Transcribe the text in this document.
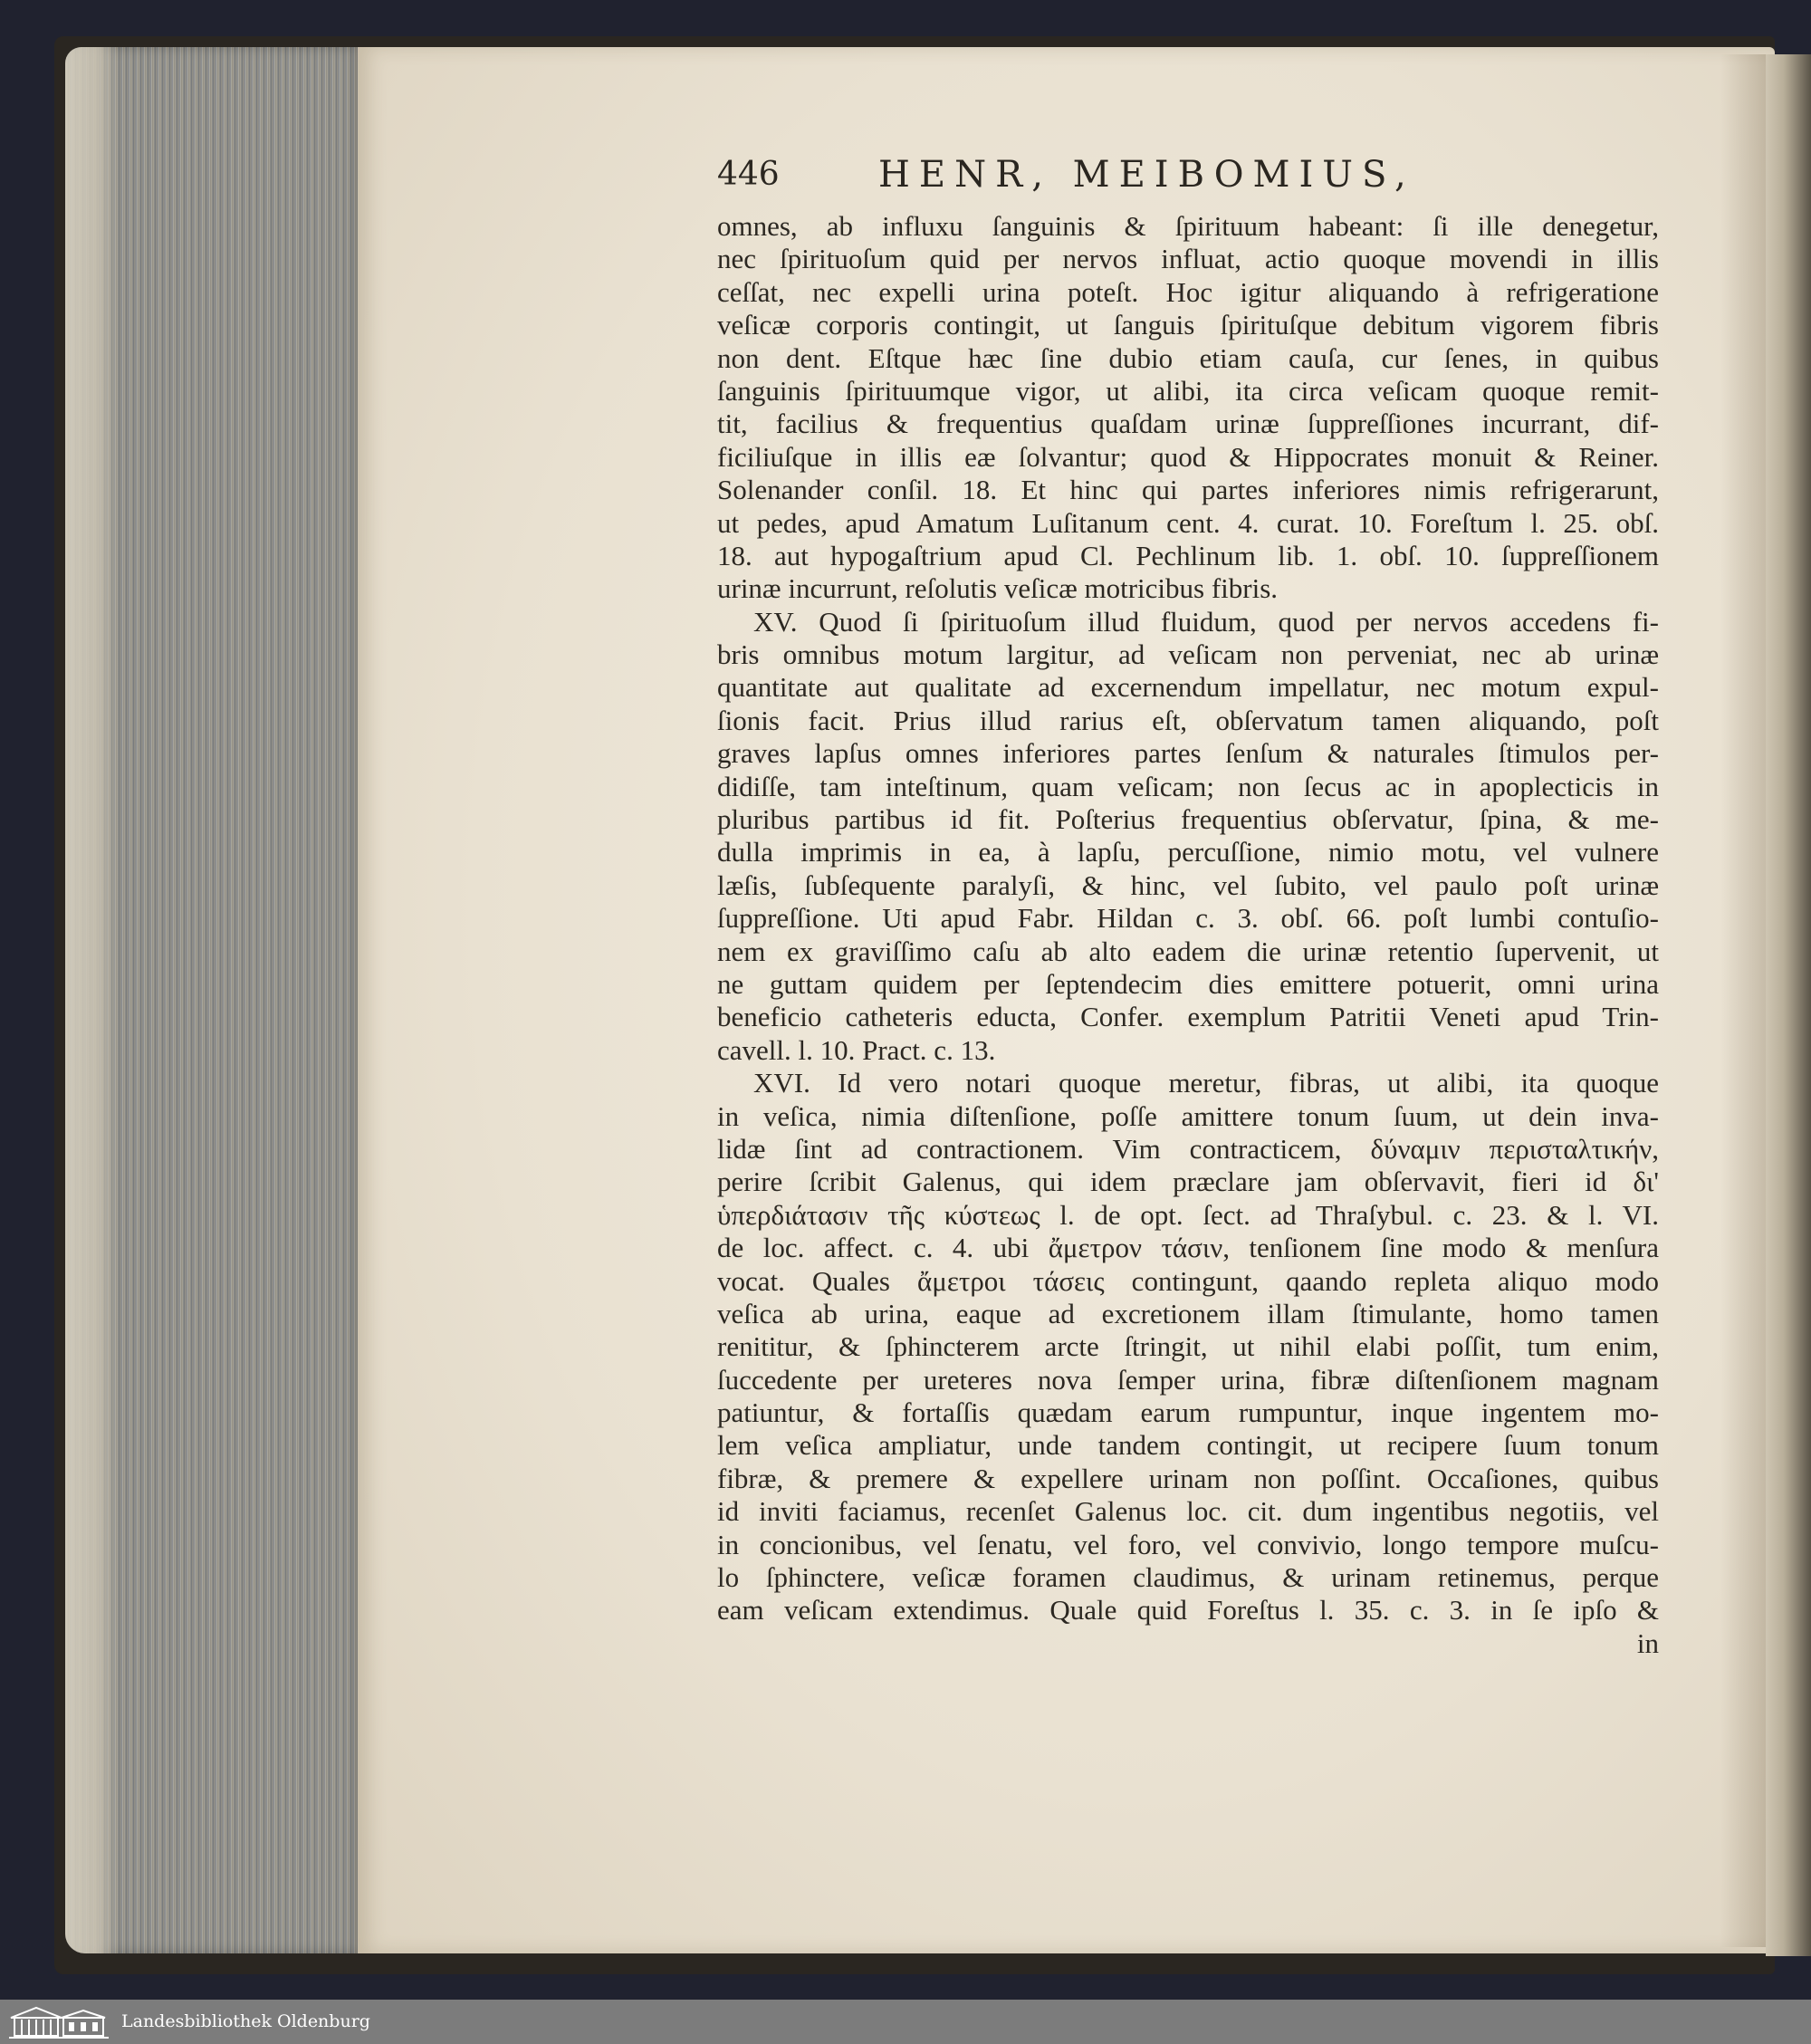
446	HENR, MEIBOMIUS,
omnes, ab influxu ſanguinis & ſpirituum habeant: ſi ille denegetur,
nec ſpirituoſum quid per nervos influat, actio quoque movendi in illis
ceſſat, nec expelli urina poteſt. Hoc igitur aliquando à refrigeratione
veſicæ corporis contingit, ut ſanguis ſpirituſque debitum vigorem fibris
non dent. Eſtque hæc ſine dubio etiam cauſa, cur ſenes, in quibus
ſanguinis ſpirituumque vigor, ut alibi, ita circa veſicam quoque remit-
tit, facilius & frequentius quaſdam urinæ ſuppreſſiones incurrant, dif-
ficiliuſque in illis eæ ſolvantur; quod & Hippocrates monuit & Reiner.
Solenander conſil. 18. Et hinc qui partes inferiores nimis refrigerarunt,
ut pedes, apud Amatum Luſitanum cent. 4. curat. 10. Foreſtum l. 25. obſ.
18. aut hypogaſtrium apud Cl. Pechlinum lib. 1. obſ. 10. ſuppreſſionem
urinæ incurrunt, reſolutis veſicæ motricibus fibris.
XV. Quod ſi ſpirituoſum illud fluidum, quod per nervos accedens fi-
bris omnibus motum largitur, ad veſicam non perveniat, nec ab urinæ
quantitate aut qualitate ad excernendum impellatur, nec motum expul-
ſionis facit. Prius illud rarius eſt, obſervatum tamen aliquando, poſt
graves lapſus omnes inferiores partes ſenſum & naturales ſtimulos per-
didiſſe, tam inteſtinum, quam veſicam; non ſecus ac in apoplecticis in
pluribus partibus id fit. Poſterius frequentius obſervatur, ſpina, & me-
dulla imprimis in ea, à lapſu, percuſſione, nimio motu, vel vulnere
læſis, ſubſequente paralyſi, & hinc, vel ſubito, vel paulo poſt urinæ
ſuppreſſione. Uti apud Fabr. Hildan c. 3. obſ. 66. poſt lumbi contuſio-
nem ex graviſſimo caſu ab alto eadem die urinæ retentio ſupervenit, ut
ne guttam quidem per ſeptendecim dies emittere potuerit, omni urina
beneficio catheteris educta, Confer. exemplum Patritii Veneti apud Trin-
cavell. l. 10. Pract. c. 13.
XVI. Id vero notari quoque meretur, fibras, ut alibi, ita quoque
in veſica, nimia diſtenſione, poſſe amittere tonum ſuum, ut dein inva-
lidæ ſint ad contractionem. Vim contracticem, δύναμιν περισταλτικήν,
perire ſcribit Galenus, qui idem præclare jam obſervavit, fieri id δι'
ὑπερδιάτασιν τῆς κύστεως l. de opt. ſect. ad Thraſybul. c. 23. & l. VI.
de loc. affect. c. 4. ubi ἄμετρον τάσιν, tenſionem ſine modo & menſura
vocat. Quales ἄμετροι τάσεις contingunt, qaando repleta aliquo modo
veſica ab urina, eaque ad excretionem illam ſtimulante, homo tamen
renititur, & ſphincterem arcte ſtringit, ut nihil elabi poſſit, tum enim,
ſuccedente per ureteres nova ſemper urina, fibræ diſtenſionem magnam
patiuntur, & fortaſſis quædam earum rumpuntur, inque ingentem mo-
lem veſica ampliatur, unde tandem contingit, ut recipere ſuum tonum
fibræ, & premere & expellere urinam non poſſint. Occaſiones, quibus
id inviti faciamus, recenſet Galenus loc. cit. dum ingentibus negotiis, vel
in concionibus, vel ſenatu, vel foro, vel convivio, longo tempore muſcu-
lo ſphinctere, veſicæ foramen claudimus, & urinam retinemus, perque
eam veſicam extendimus. Quale quid Foreſtus l. 35. c. 3. in ſe ipſo &
in
Landesbibliothek Oldenburg
